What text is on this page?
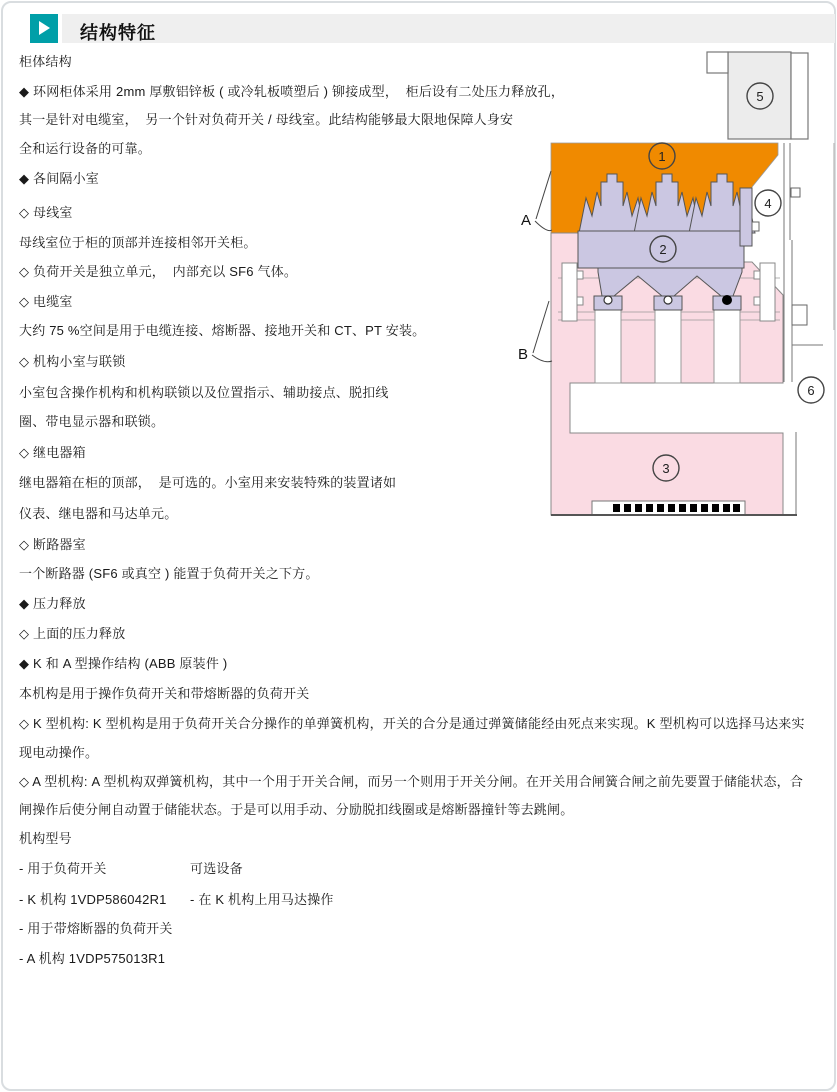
结构特征
柜体结构
◆ 环网柜体采用 2mm 厚敷铝锌板 ( 或冷轧板喷塑后 ) 铆接成型，  柜后设有二处压力释放孔，
其一是针对电缆室，  另一个针对负荷开关 / 母线室。此结构能够最大限地保障人身安
全和运行设备的可靠。
◆ 各间隔小室
◇ 母线室
母线室位于柜的顶部并连接相邻开关柜。
◇ 负荷开关是独立单元，  内部充以 SF6 气体。
◇ 电缆室
大约 75 %空间是用于电缆连接、熔断器、接地开关和 CT、PT 安装。
◇ 机构小室与联锁
小室包含操作机构和机构联锁以及位置指示、辅助接点、脱扣线
圈、带电显示器和联锁。
◇ 继电器箱
继电器箱在柜的顶部，  是可选的。小室用来安装特殊的装置诸如
仪表、继电器和马达单元。
◇ 断路器室
一个断路器 (SF6 或真空 ) 能置于负荷开关之下方。
◆ 压力释放
◇ 上面的压力释放
◆ K 和 A 型操作结构 (ABB 原装件 )
本机构是用于操作负荷开关和带熔断器的负荷开关
◇ K 型机构: K 型机构是用于负荷开关合分操作的单弹簧机构，开关的合分是通过弹簧储能经由死点来实现。K 型机构可以选择马达来实
现电动操作。
◇ A 型机构: A 型机构双弹簧机构，其中一个用于开关合闸，而另一个则用于开关分闸。在开关用合闸簧合闸之前先要置于储能状态，合
闸操作后使分闸自动置于储能状态。于是可以用手动、分励脱扣线圈或是熔断器撞针等去跳闸。
机构型号
- 用于负荷开关	可选设备
- K 机构 1VDP586042R1 - 在 K 机构上用马达操作
- 用于带熔断器的负荷开关
- A 机构 1VDP575013R1
1
2
3
4
5
6
A
B
